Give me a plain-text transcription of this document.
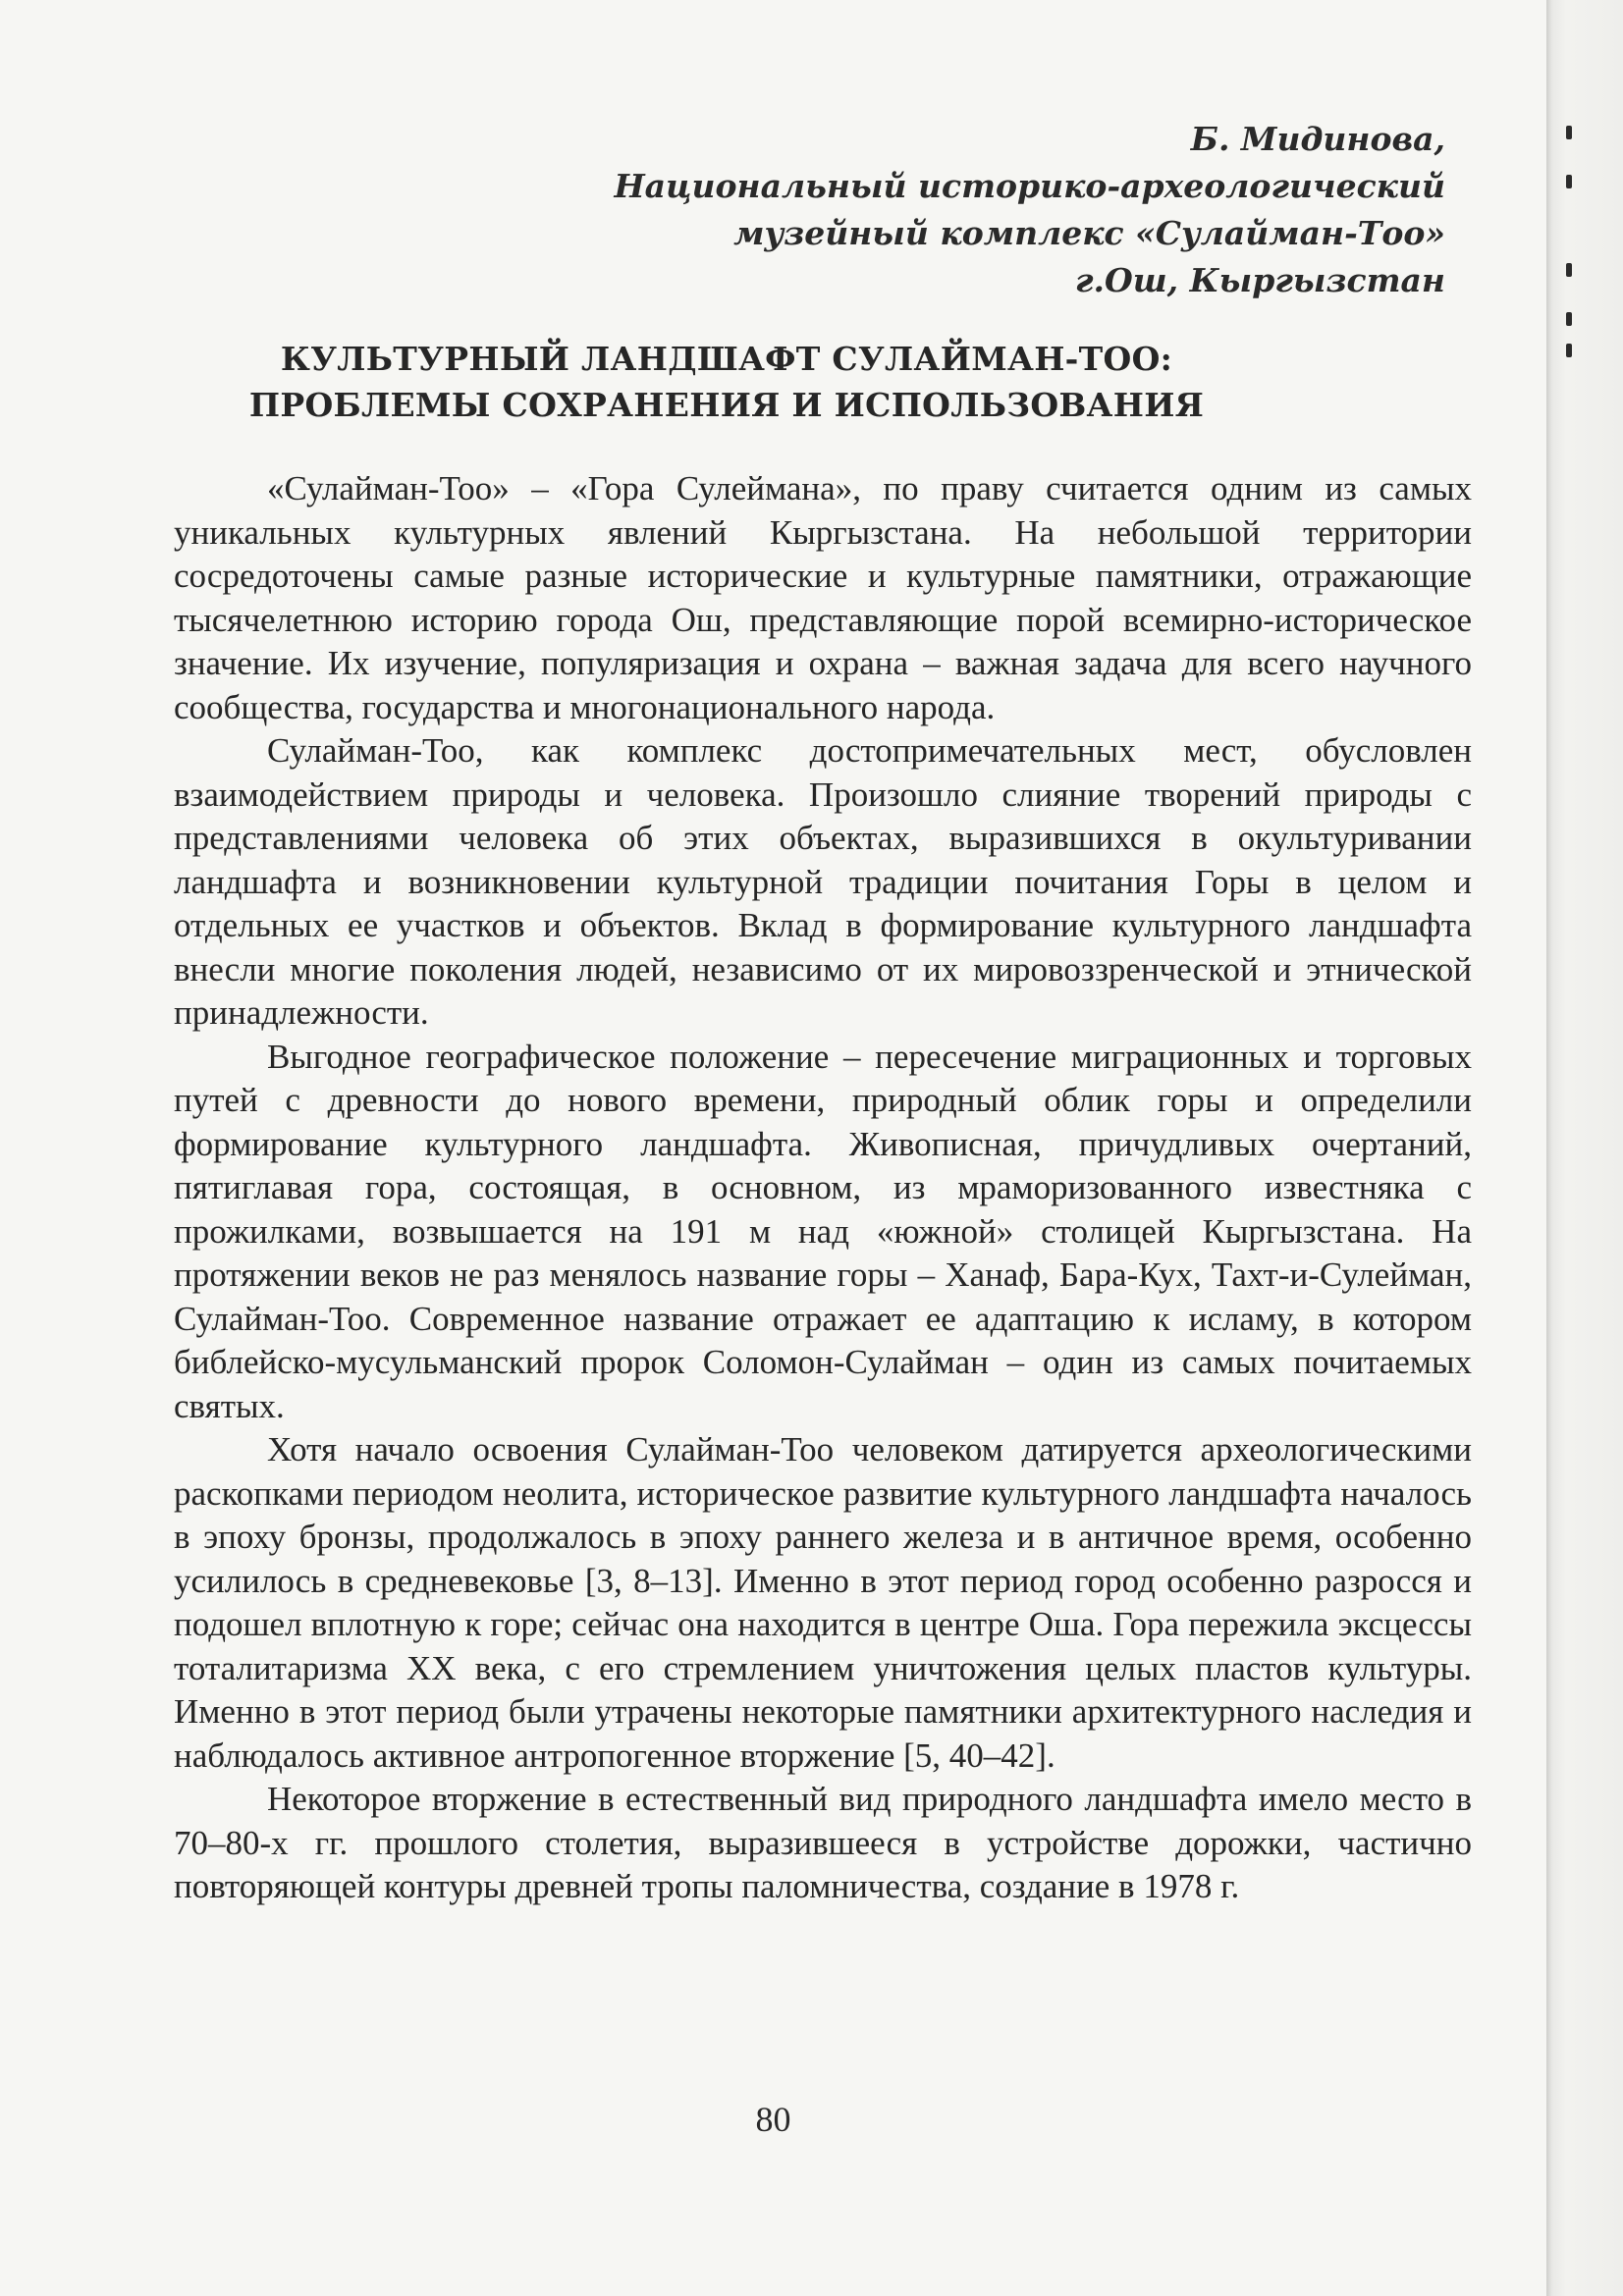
Б. Мидинова,
Национальный историко-археологический
музейный комплекс «Сулайман-Тоо»
г.Ош, Кыргызстан
КУЛЬТУРНЫЙ ЛАНДШАФТ СУЛАЙМАН-ТОО:
ПРОБЛЕМЫ СОХРАНЕНИЯ И ИСПОЛЬЗОВАНИЯ

«Сулайман-Тоо» – «Гора Сулеймана», по праву считается одним из самых уникальных культурных явлений Кыргызстана. На небольшой территории сосредоточены самые разные исторические и культурные памятники, отражающие тысячелетнюю историю города Ош, представляющие порой всемирно-историческое значение. Их изучение, популяризация и охрана – важная задача для всего научного сообщества, государства и многонационального народа.

Сулайман-Тоо, как комплекс достопримечательных мест, обусловлен взаимодействием природы и человека. Произошло слияние творений природы с представлениями человека об этих объектах, выразившихся в окультуривании ландшафта и возникновении культурной традиции почитания Горы в целом и отдельных ее участков и объектов. Вклад в формирование культурного ландшафта внесли многие поколения людей, независимо от их мировоззренческой и этнической принадлежности.

Выгодное географическое положение – пересечение миграционных и торговых путей с древности до нового времени, природный облик горы и определили формирование культурного ландшафта. Живописная, причудливых очертаний, пятиглавая гора, состоящая, в основном, из мраморизованного известняка с прожилками, возвышается на 191 м над «южной» столицей Кыргызстана. На протяжении веков не раз менялось название горы – Ханаф, Бара-Кух, Тахт-и-Сулейман, Сулайман-Тоо. Современное название отражает ее адаптацию к исламу, в котором библейско-мусульманский пророк Соломон-Сулайман – один из самых почитаемых святых.

Хотя начало освоения Сулайман-Тоо человеком датируется археологическими раскопками периодом неолита, историческое развитие культурного ландшафта началось в эпоху бронзы, продолжалось в эпоху раннего железа и в античное время, особенно усилилось в средневековье [3, 8–13]. Именно в этот период город особенно разросся и подошел вплотную к горе; сейчас она находится в центре Оша. Гора пережила эксцессы тоталитаризма XX века, с его стремлением уничтожения целых пластов культуры. Именно в этот период были утрачены некоторые памятники архитектурного наследия и наблюдалось активное антропогенное вторжение [5, 40–42].

Некоторое вторжение в естественный вид природного ландшафта имело место в 70–80-х гг. прошлого столетия, выразившееся в устройстве дорожки, частично повторяющей контуры древней тропы паломничества, создание в 1978 г.

80
